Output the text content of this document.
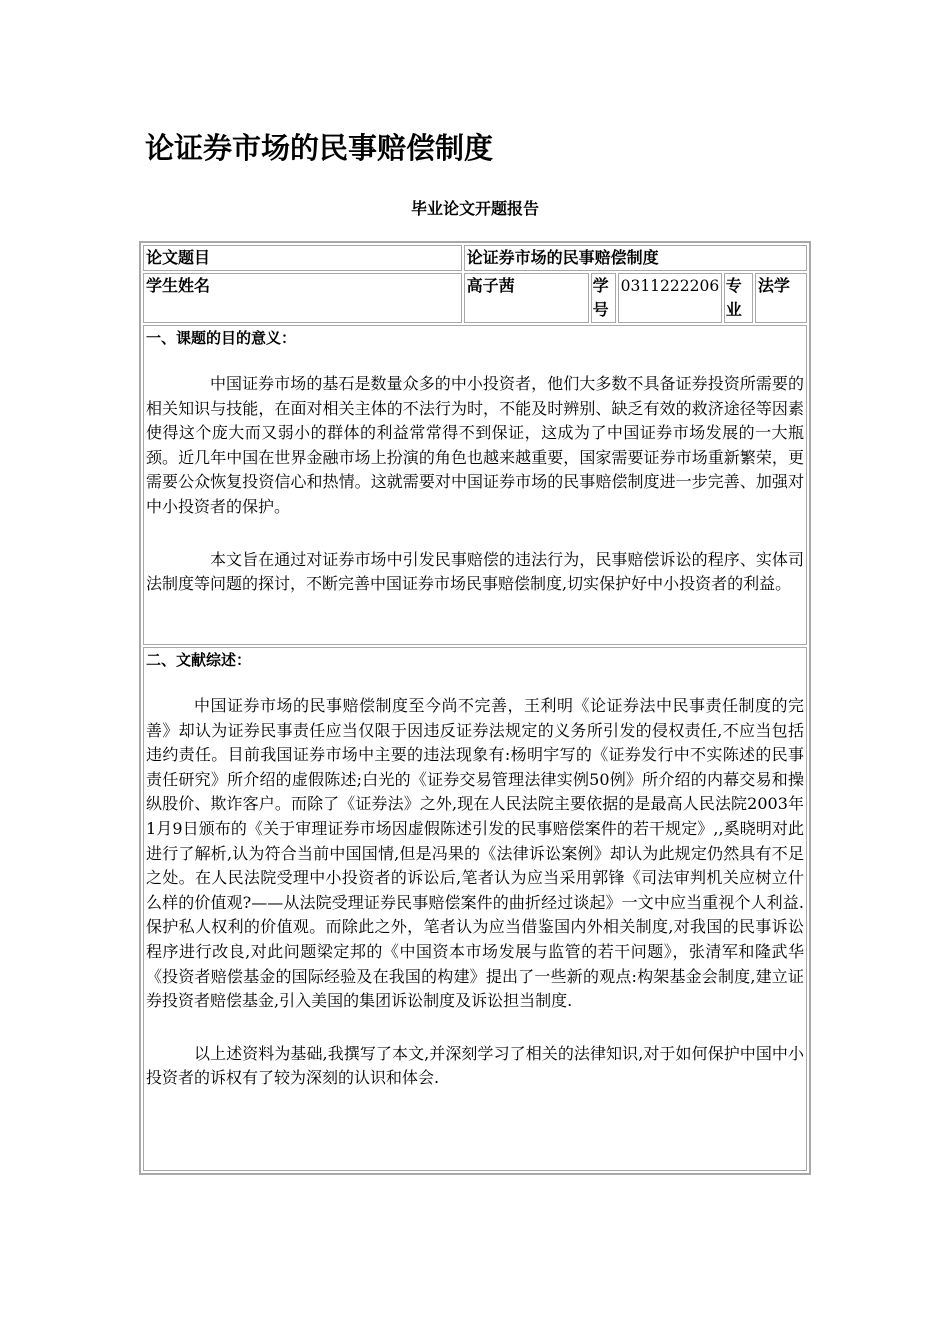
论证券市场的民事赔偿制度
毕业论文开题报告
论文题目	论证券市场的民事赔偿制度				
学生姓名	高子茜	学号	0311222206	专业	法学

一、课题的目的意义：

中国证券市场的基石是数量众多的中小投资者，他们大多数不具备证券投资所需要的相关知识与技能，在面对相关主体的不法行为时，不能及时辨别、缺乏有效的救济途径等因素使得这个庞大而又弱小的群体的利益常常得不到保证，这成为了中国证券市场发展的一大瓶颈。近几年中国在世界金融市场上扮演的角色也越来越重要，国家需要证券市场重新繁荣，更需要公众恢复投资信心和热情。这就需要对中国证券市场的民事赔偿制度进一步完善、加强对中小投资者的保护。

本文旨在通过对证券市场中引发民事赔偿的违法行为，民事赔偿诉讼的程序、实体司法制度等问题的探讨，不断完善中国证券市场民事赔偿制度,切实保护好中小投资者的利益。					

二、文献综述：

中国证券市场的民事赔偿制度至今尚不完善，王利明《论证券法中民事责任制度的完善》却认为证券民事责任应当仅限于因违反证券法规定的义务所引发的侵权责任,不应当包括违约责任。目前我国证券市场中主要的违法现象有:杨明宇写的《证券发行中不实陈述的民事责任研究》所介绍的虚假陈述;白光的《证券交易管理法律实例50例》所介绍的内幕交易和操纵股价、欺诈客户。而除了《证券法》之外,现在人民法院主要依据的是最高人民法院2003年1月9日颁布的《关于审理证券市场因虚假陈述引发的民事赔偿案件的若干规定》,,奚晓明对此进行了解析,认为符合当前中国国情,但是冯果的《法律诉讼案例》却认为此规定仍然具有不足之处。在人民法院受理中小投资者的诉讼后,笔者认为应当采用郭锋《司法审判机关应树立什么样的价值观?——从法院受理证券民事赔偿案件的曲折经过谈起》一文中应当重视个人利益.保护私人权利的价值观。而除此之外，笔者认为应当借鉴国内外相关制度,对我国的民事诉讼程序进行改良,对此问题梁定邦的《中国资本市场发展与监管的若干问题》，张清军和隆武华《投资者赔偿基金的国际经验及在我国的构建》提出了一些新的观点:构架基金会制度,建立证券投资者赔偿基金,引入美国的集团诉讼制度及诉讼担当制度.

以上述资料为基础,我撰写了本文,并深刻学习了相关的法律知识,对于如何保护中国中小投资者的诉权有了较为深刻的认识和体会.					
